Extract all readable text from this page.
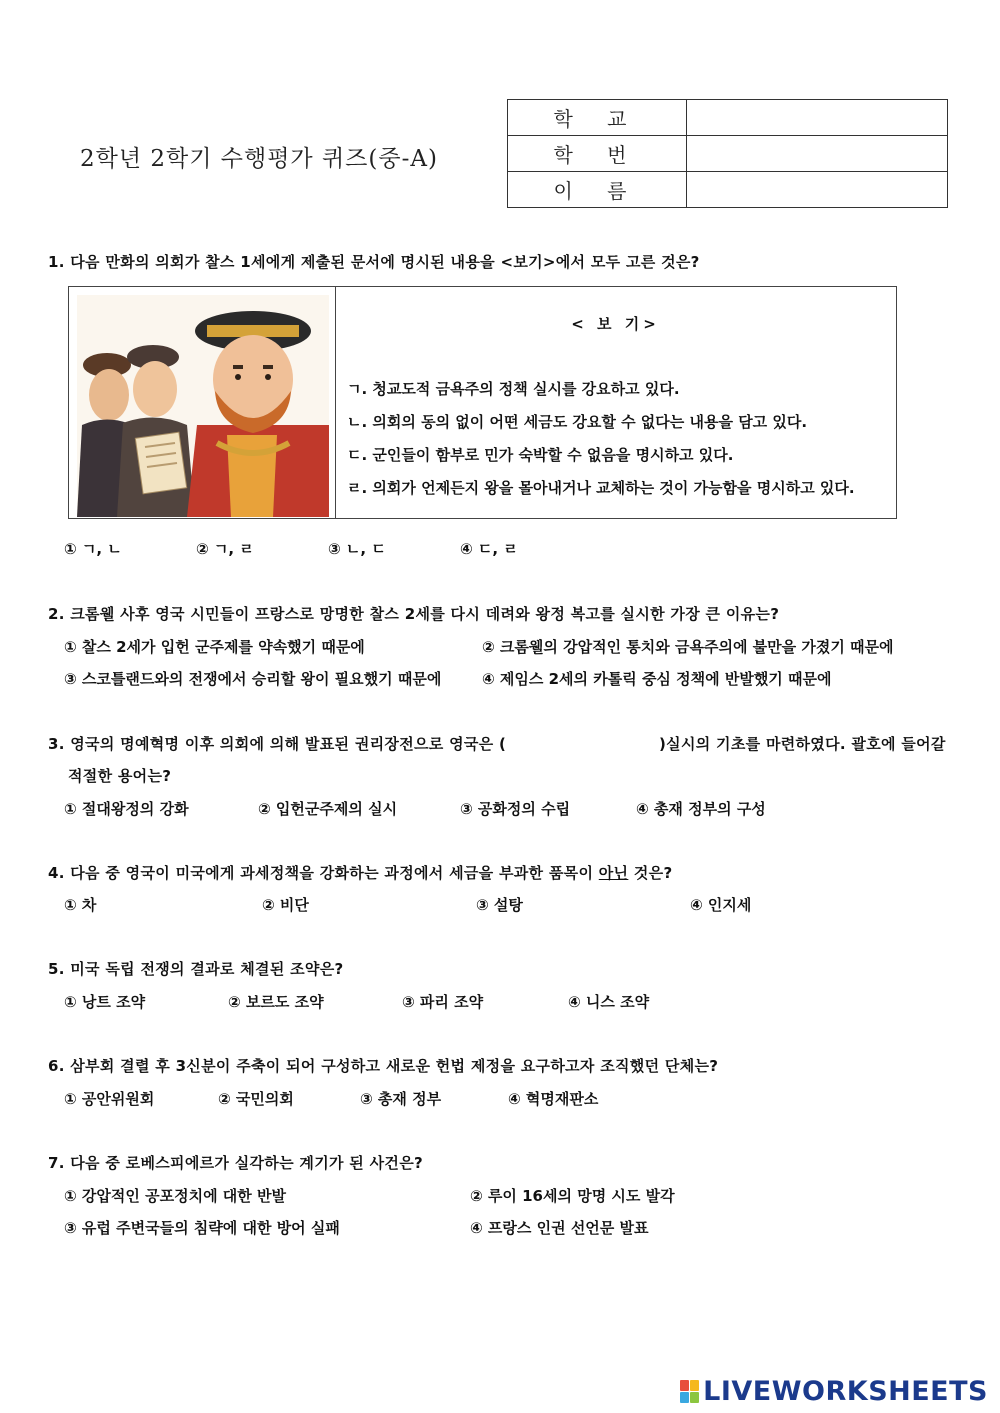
2학년 2학기 수행평가 퀴즈(중-A)
학 교	
학 번	
이 름	
1. 다음 만화의 의회가 찰스 1세에게 제출된 문서에 명시된 내용을 <보기>에서 모두 고른 것은?
< 보 기>
ㄱ. 청교도적 금욕주의 정책 실시를 강요하고 있다.
ㄴ. 의회의 동의 없이 어떤 세금도 강요할 수 없다는 내용을 담고 있다.
ㄷ. 군인들이 함부로 민가 숙박할 수 없음을 명시하고 있다.
ㄹ. 의회가 언제든지 왕을 몰아내거나 교체하는 것이 가능함을 명시하고 있다.
① ㄱ, ㄴ	② ㄱ, ㄹ	③ ㄴ, ㄷ	④ ㄷ, ㄹ
2. 크롬웰 사후 영국 시민들이 프랑스로 망명한 찰스 2세를 다시 데려와 왕정 복고를 실시한 가장 큰 이유는?
① 찰스 2세가 입헌 군주제를 약속했기 때문에	② 크롬웰의 강압적인 통치와 금욕주의에 불만을 가졌기 때문에
③ 스코틀랜드와의 전쟁에서 승리할 왕이 필요했기 때문에	④ 제임스 2세의 카톨릭 중심 정책에 반발했기 때문에
3. 영국의 명예혁명 이후 의회에 의해 발표된 권리장전으로 영국은 (	)실시의 기초를 마련하였다. 괄호에 들어갈
적절한 용어는?
① 절대왕정의 강화	② 입헌군주제의 실시	③ 공화정의 수립	④ 총재 정부의 구성
4. 다음 중 영국이 미국에게 과세정책을 강화하는 과정에서 세금을 부과한 품목이 아닌 것은?
① 차	② 비단	③ 설탕	④ 인지세
5. 미국 독립 전쟁의 결과로 체결된 조약은?
① 낭트 조약	② 보르도 조약	③ 파리 조약	④ 니스 조약
6. 삼부회 결렬 후 3신분이 주축이 되어 구성하고 새로운 헌법 제정을 요구하고자 조직했던 단체는?
① 공안위원회	② 국민의회	③ 총재 정부	④ 혁명재판소
7. 다음 중 로베스피에르가 실각하는 계기가 된 사건은?
① 강압적인 공포정치에 대한 반발	② 루이 16세의 망명 시도 발각
③ 유럽 주변국들의 침략에 대한 방어 실패	④ 프랑스 인권 선언문 발표
LIVEWORKSHEETS
